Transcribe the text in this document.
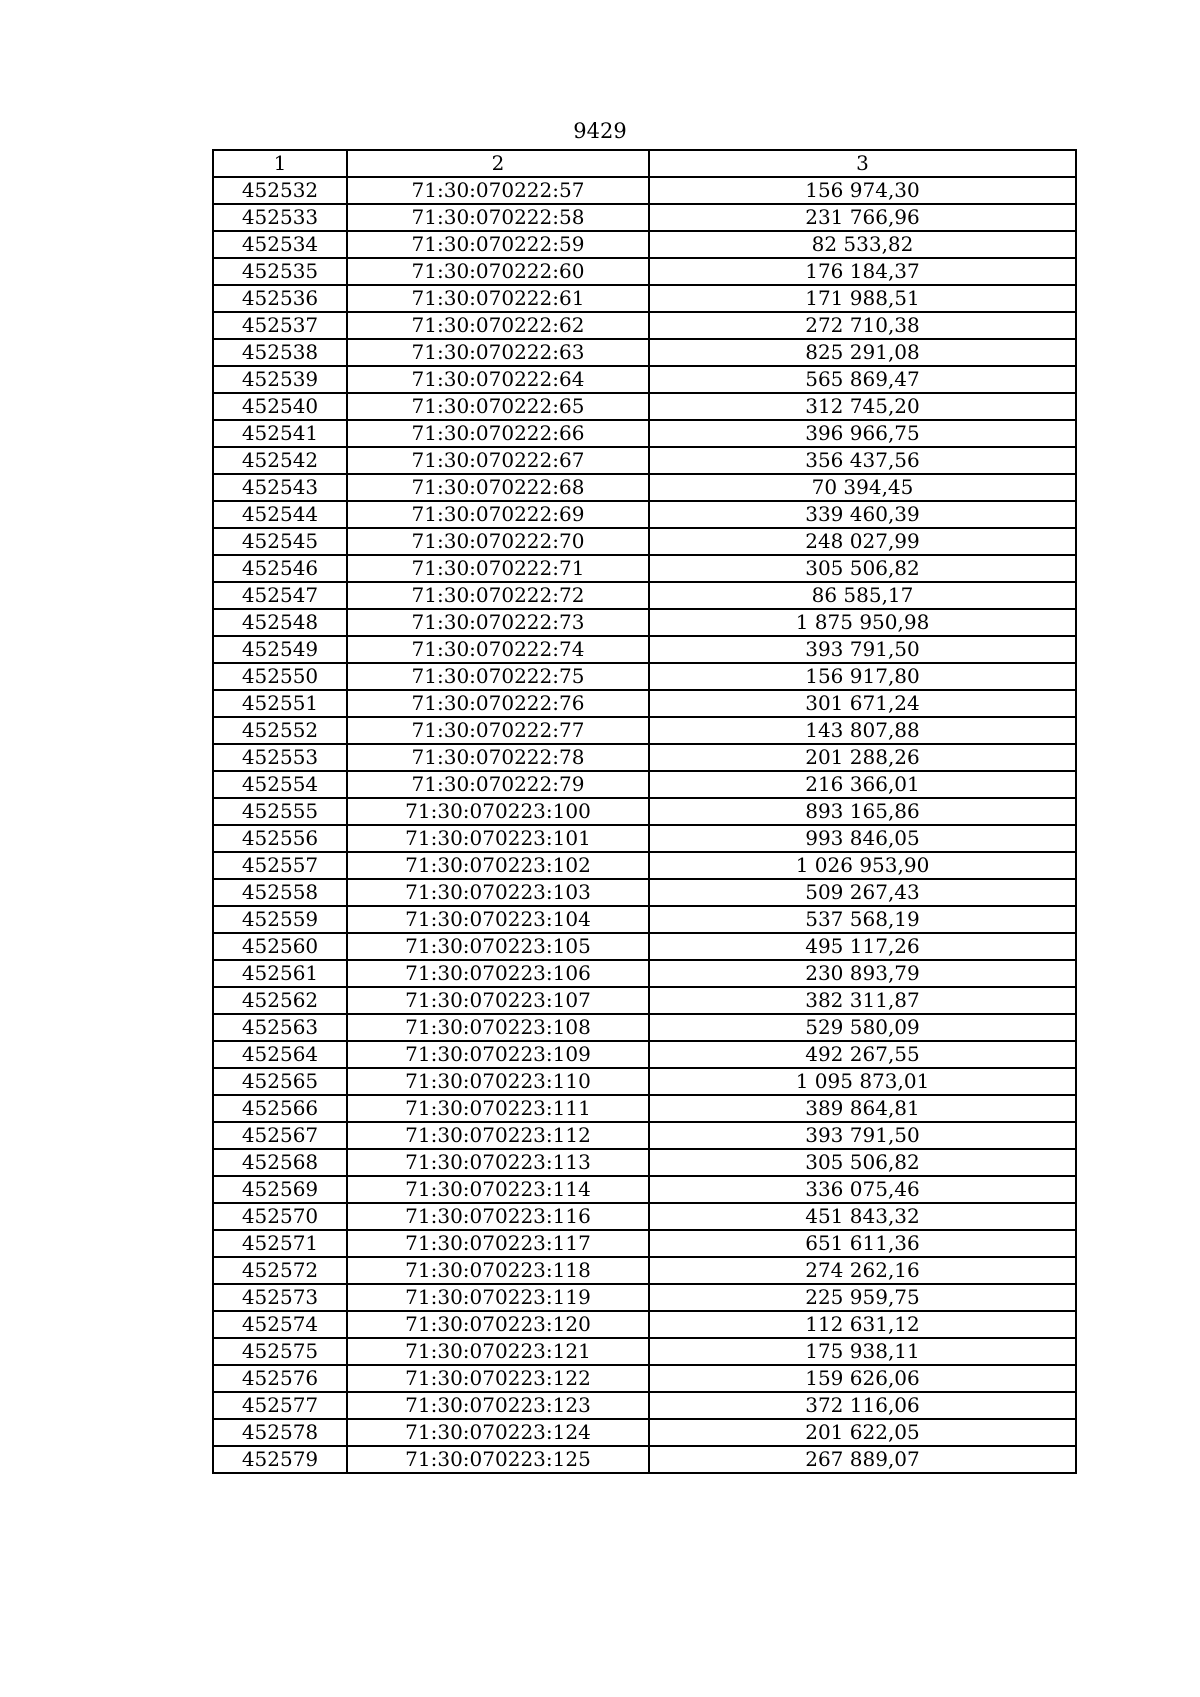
9429
1	2	3
452532	71:30:070222:57	156 974,30
452533	71:30:070222:58	231 766,96
452534	71:30:070222:59	82 533,82
452535	71:30:070222:60	176 184,37
452536	71:30:070222:61	171 988,51
452537	71:30:070222:62	272 710,38
452538	71:30:070222:63	825 291,08
452539	71:30:070222:64	565 869,47
452540	71:30:070222:65	312 745,20
452541	71:30:070222:66	396 966,75
452542	71:30:070222:67	356 437,56
452543	71:30:070222:68	70 394,45
452544	71:30:070222:69	339 460,39
452545	71:30:070222:70	248 027,99
452546	71:30:070222:71	305 506,82
452547	71:30:070222:72	86 585,17
452548	71:30:070222:73	1 875 950,98
452549	71:30:070222:74	393 791,50
452550	71:30:070222:75	156 917,80
452551	71:30:070222:76	301 671,24
452552	71:30:070222:77	143 807,88
452553	71:30:070222:78	201 288,26
452554	71:30:070222:79	216 366,01
452555	71:30:070223:100	893 165,86
452556	71:30:070223:101	993 846,05
452557	71:30:070223:102	1 026 953,90
452558	71:30:070223:103	509 267,43
452559	71:30:070223:104	537 568,19
452560	71:30:070223:105	495 117,26
452561	71:30:070223:106	230 893,79
452562	71:30:070223:107	382 311,87
452563	71:30:070223:108	529 580,09
452564	71:30:070223:109	492 267,55
452565	71:30:070223:110	1 095 873,01
452566	71:30:070223:111	389 864,81
452567	71:30:070223:112	393 791,50
452568	71:30:070223:113	305 506,82
452569	71:30:070223:114	336 075,46
452570	71:30:070223:116	451 843,32
452571	71:30:070223:117	651 611,36
452572	71:30:070223:118	274 262,16
452573	71:30:070223:119	225 959,75
452574	71:30:070223:120	112 631,12
452575	71:30:070223:121	175 938,11
452576	71:30:070223:122	159 626,06
452577	71:30:070223:123	372 116,06
452578	71:30:070223:124	201 622,05
452579	71:30:070223:125	267 889,07
